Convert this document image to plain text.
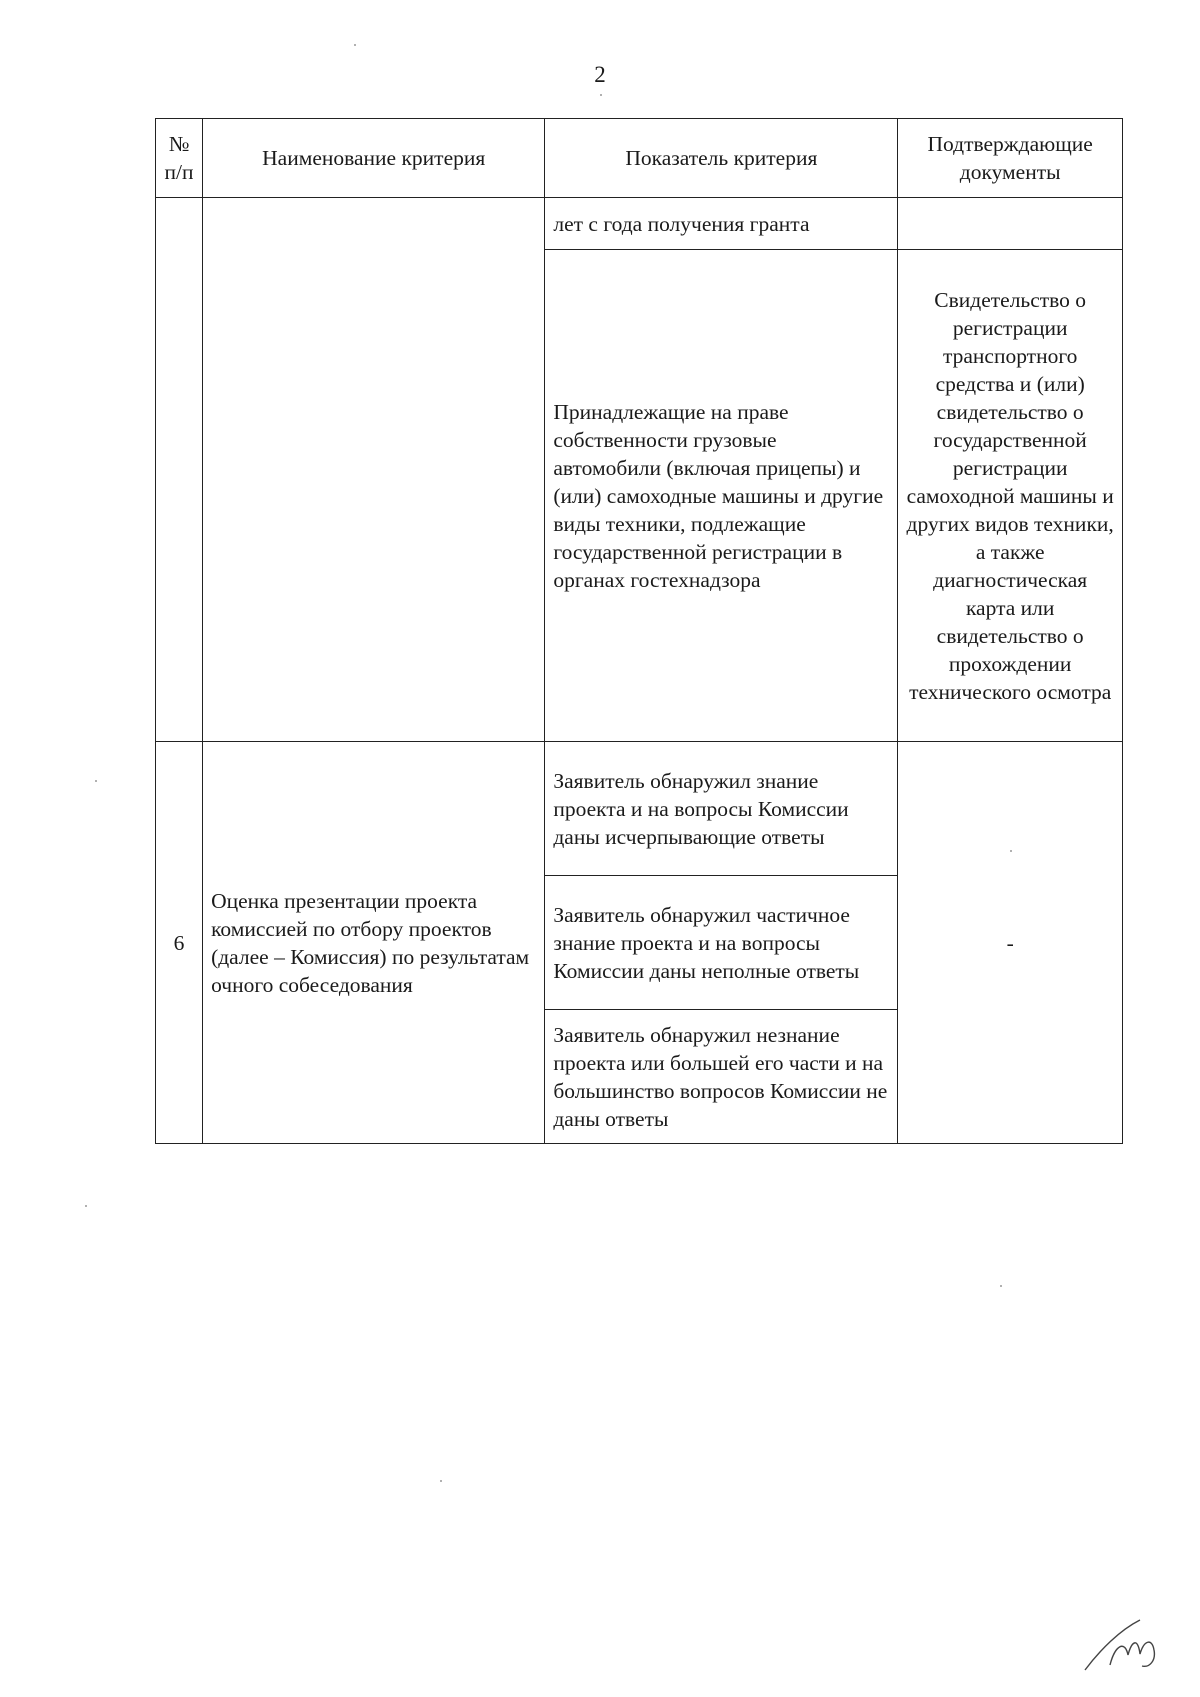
2
№ п/п	Наименование критерия	Показатель критерия	Подтверждающие документы
		лет с года получения гранта	
		Принадлежащие на праве собственности грузовые автомобили (включая прицепы) и (или) самоходные машины и другие виды техники, подлежащие государственной регистрации в органах гостехнадзора	Свидетельство о регистрации транспортного средства и (или) свидетельство о государственной регистрации самоходной машины и других видов техники, а также диагностическая карта или свидетельство о прохождении технического осмотра
6	Оценка презентации проекта комиссией по отбору проектов (далее – Комиссия) по результатам очного собеседования	Заявитель обнаружил знание проекта и на вопросы Комиссии даны исчерпывающие ответы	-
		Заявитель обнаружил частичное знание проекта и на вопросы Комиссии даны неполные ответы	
		Заявитель обнаружил незнание проекта или большей его части и на большинство вопросов Комиссии не даны ответы	
